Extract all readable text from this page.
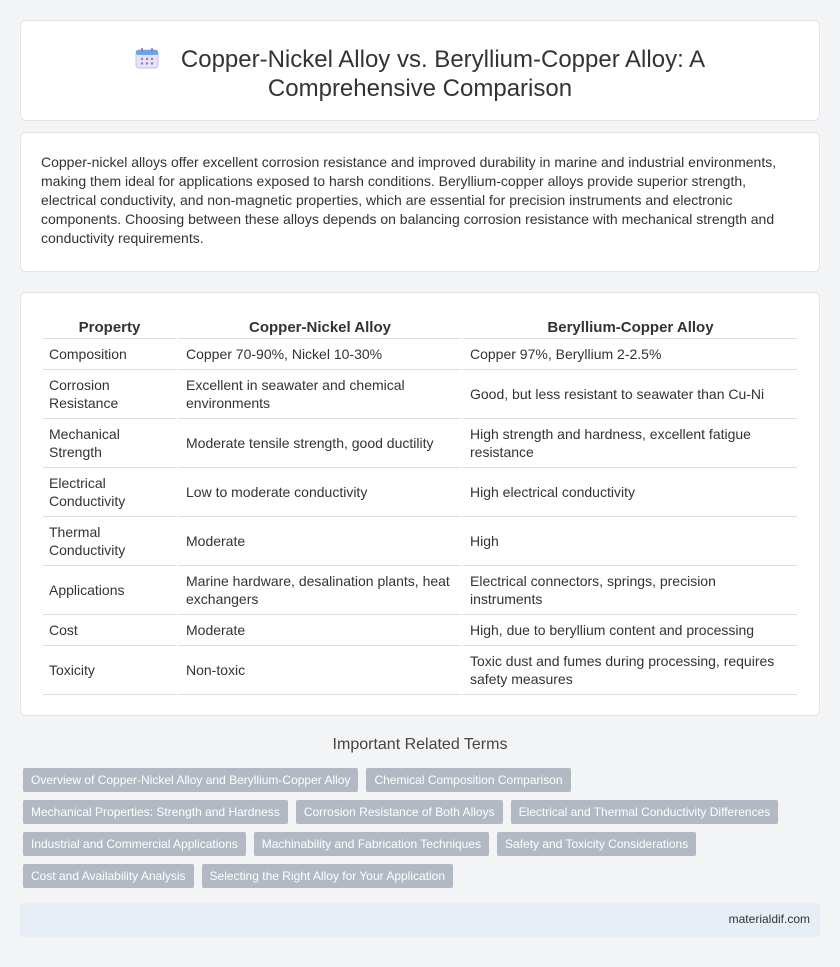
Copper-Nickel Alloy vs. Beryllium-Copper Alloy: A Comprehensive Comparison

Copper-nickel alloys offer excellent corrosion resistance and improved durability in marine and industrial environments, making them ideal for applications exposed to harsh conditions. Beryllium-copper alloys provide superior strength, electrical conductivity, and non-magnetic properties, which are essential for precision instruments and electronic components. Choosing between these alloys depends on balancing corrosion resistance with mechanical strength and conductivity requirements.

Property	Copper-Nickel Alloy	Beryllium-Copper Alloy
Composition	Copper 70-90%, Nickel 10-30%	Copper 97%, Beryllium 2-2.5%
Corrosion Resistance	Excellent in seawater and chemical environments	Good, but less resistant to seawater than Cu-Ni
Mechanical Strength	Moderate tensile strength, good ductility	High strength and hardness, excellent fatigue resistance
Electrical Conductivity	Low to moderate conductivity	High electrical conductivity
Thermal Conductivity	Moderate	High
Applications	Marine hardware, desalination plants, heat exchangers	Electrical connectors, springs, precision instruments
Cost	Moderate	High, due to beryllium content and processing
Toxicity	Non-toxic	Toxic dust and fumes during processing, requires safety measures
Important Related Terms
Overview of Copper-Nickel Alloy and Beryllium-Copper Alloy	Chemical Composition Comparison
Mechanical Properties: Strength and Hardness	Corrosion Resistance of Both Alloys	Electrical and Thermal Conductivity Differences
Industrial and Commercial Applications	Machinability and Fabrication Techniques	Safety and Toxicity Considerations
Cost and Availability Analysis	Selecting the Right Alloy for Your Application
materialdif.com
